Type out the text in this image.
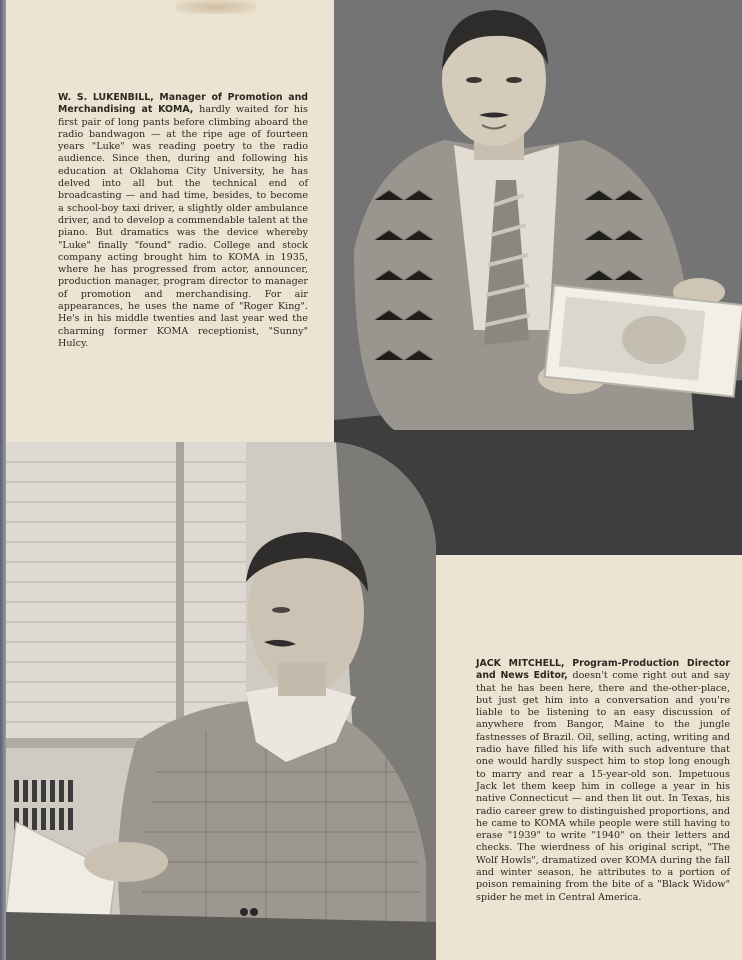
W. S. LUKENBILL, Manager of Promotion and Merchandising at KOMA, hardly waited for his first pair of long pants before climbing aboard the radio bandwagon — at the ripe age of fourteen years "Luke" was reading poetry to the radio audience. Since then, during and following his education at Oklahoma City University, he has delved into all but the technical end of broadcasting — and had time, besides, to become a school-boy taxi driver, a slightly older ambulance driver, and to develop a commendable talent at the piano. But dramatics was the device whereby "Luke" finally "found" radio. College and stock company acting brought him to KOMA in 1935, where he has progressed from actor, announcer, production manager, program director to manager of promotion and merchandising. For air appearances, he uses the name of "Roger King". He's in his middle twenties and last year wed the charming former KOMA receptionist, "Sunny" Hulcy.
JACK MITCHELL, Program-Production Director and News Editor, doesn't come right out and say that he has been here, there and the-other-place, but just get him into a conversation and you're liable to be listening to an easy discussion of anywhere from Bangor, Maine to the jungle fastnesses of Brazil. Oil, selling, acting, writing and radio have filled his life with such adventure that one would hardly suspect him to stop long enough to marry and rear a 15-year-old son. Impetuous Jack let them keep him in college a year in his native Connecticut — and then lit out. In Texas, his radio career grew to distinguished proportions, and he came to KOMA while people were still having to erase "1939" to write "1940" on their letters and checks. The wierdness of his original script, "The Wolf Howls", dramatized over KOMA during the fall and winter season, he attributes to a portion of poison remaining from the bite of a "Black Widow" spider he met in Central America.
